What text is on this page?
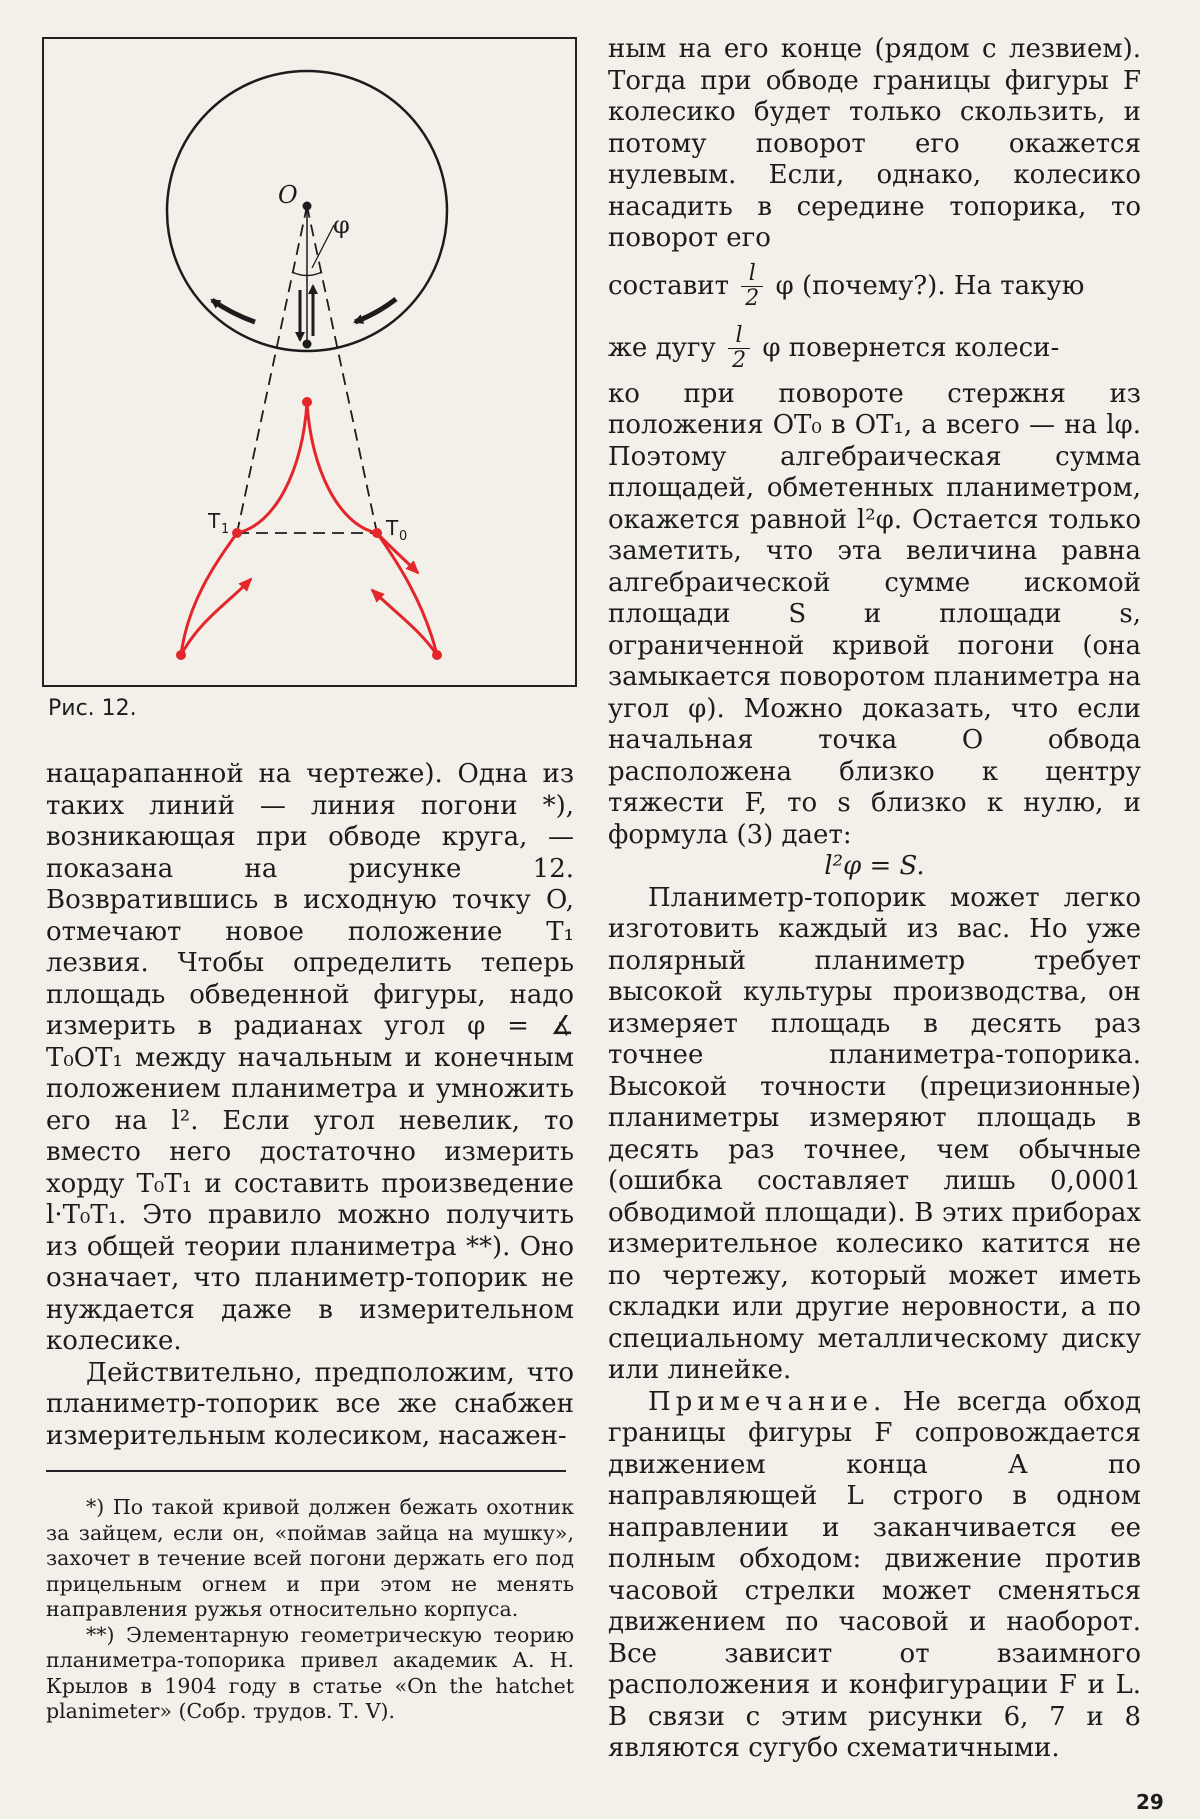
O
φ
T 1	T 0
Рис. 12.

нацарапанной на чертеже). Одна из таких линий — линия погони *), возникающая при обводе круга, — показана на рисунке 12. Возвратившись в исходную точку O, отмечают новое положение T₁ лезвия. Чтобы определить теперь площадь обведенной фигуры, надо измерить в радианах угол φ = ∡ T₀OT₁ между начальным и конечным положением планиметра и умножить его на l². Если угол невелик, то вместо него достаточно измерить хорду T₀T₁ и составить произведение l·T₀T₁. Это правило можно получить из общей теории планиметра **). Оно означает, что планиметр-топорик не нуждается даже в измерительном колесике.

Действительно, предположим, что планиметр-топорик все же снабжен измерительным колесиком, насажен-

ным на его конце (рядом с лезвием). Тогда при обводе границы фигуры F колесико будет только скользить, и потому поворот его окажется нулевым. Если, однако, колесико насадить в середине топорика, то поворот его

составит $\frac{l}{2}$ φ (почему?). На такую

же дугу $\frac{l}{2}$ φ повернется колеси-

ко при повороте стержня из положения OT₀ в OT₁, а всего — на lφ. Поэтому алгебраическая сумма площадей, обметенных планиметром, окажется равной l²φ. Остается только заметить, что эта величина равна алгебраической сумме искомой площади S и площади s, ограниченной кривой погони (она замыкается поворотом планиметра на угол φ). Можно доказать, что если начальная точка O обвода расположена близко к центру тяжести F, то s близко к нулю, и формула (3) дает:

l²φ = S.

Планиметр-топорик может легко изготовить каждый из вас. Но уже полярный планиметр требует высокой культуры производства, он измеряет площадь в десять раз точнее планиметра-топорика. Высокой точности (прецизионные) планиметры измеряют площадь в десять раз точнее, чем обычные (ошибка составляет лишь 0,0001 обводимой площади). В этих приборах измерительное колесико катится не по чертежу, который может иметь складки или другие неровности, а по специальному металлическому диску или линейке.

Примечание. Не всегда обход границы фигуры F сопровождается движением конца A по направляющей L строго в одном направлении и заканчивается ее полным обходом: движение против часовой стрелки может сменяться движением по часовой и наоборот. Все зависит от взаимного расположения и конфигурации F и L. В связи с этим рисунки 6, 7 и 8 являются сугубо схематичными.

*) По такой кривой должен бежать охотник за зайцем, если он, «поймав зайца на мушку», захочет в течение всей погони держать его под прицельным огнем и при этом не менять направления ружья относительно корпуса.

**) Элементарную геометрическую теорию планиметра-топорика привел академик А. Н. Крылов в 1904 году в статье «On the hatchet planimeter» (Собр. трудов. Т. V).

29
